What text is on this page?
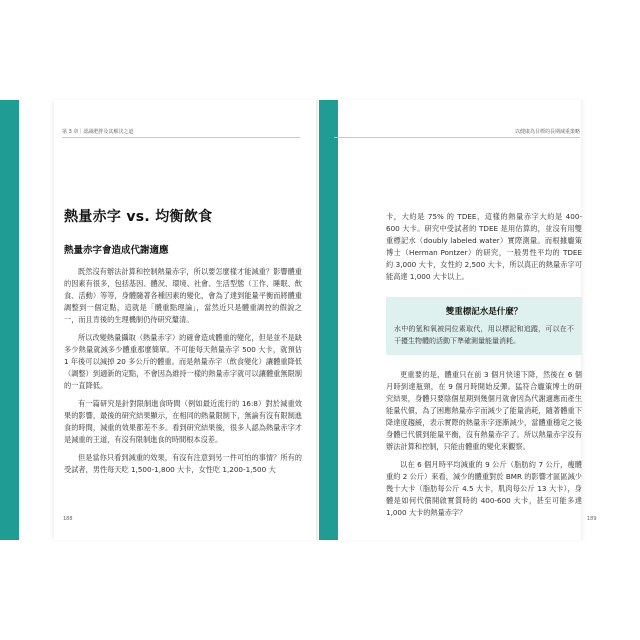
第 3 章｜認識肥胖及其解決之道	以健康為目標的長期減重策略
熱量赤字 vs. 均衡飲食
熱量赤字會造成代謝適應

既然沒有辦法計算和控制熱量赤字，所以要怎麼樣才能減重？影響體重的因素有很多，包括基因、體況、環境、社會、生活型態（工作、睡眠、飲食、活動）等等，身體隨著各種因素的變化，會為了達到能量平衡而將體重調整到一個定點，這就是「體重點理論」，當然近只是體重調控的假說之一，而且肯後的生理機制仍待研究釐清。

所以改變熱量攝取（熱量赤字）的確會造成體重的變化，但是並不是缺多少熱量就減多少體重那麼簡單。不可能每天熱量赤字 500 大卡，就預估 1 年後可以減掉 20 多公斤的體重。而是熱量赤字（飲食變化）讓體重降低（調整）到適新的定點，不會因為維持一樣的熱量赤字就可以讓體重無限制的一直降低。

有一篇研究是針對限制進食時間（例如最近流行的 16:8）對於減重效果的影響，最後的研究結果顯示，在相同的熱量限制下，無論有沒有限制進食的時間，減重的效果都差不多。看到研究結果後，很多人認為熱量赤字才是減重的王道，有沒有限制進食的時間根本沒差。

但是當你只看到減重的效果，有沒有注意到另一件可怕的事情？所有的受試者，男性每天吃 1,500-1,800 大卡，女性吃 1,200-1,500 大

卡，大約是 75% 的 TDEE，這樣的熱量赤字大約是 400-600 大卡。研究中受試者的 TDEE 是用估算的，並沒有用雙重標記水（doubly labeled water）實際測量。而根據龐策博士（Herman Pontzer）的研究，一般男性平均的 TDEE 約 3,000 大卡，女性約 2,500 大卡，所以真正的熱量赤字可能高達 1,000 大卡以上。

雙重標記水是什麼？
水中的氫和氧被同位素取代，用以標記和追蹤，可以在不干擾生物體的活動下準確測量能量消耗。

更重要的是，體重只在前 3 個月快速下降，然後在 6 個月時到達瓶頸，在 9 個月時開始反彈。猛符合龐策博士的研究結果，身體只要陰個星期到幾個月就會因為代謝適應而產生能量代償，為了困應熱量赤字而減少了能量消耗，隨著體重下降達度趨緩，表示實際的熱量赤字逐漸減少，當體重穩定之後身體已代償到能量平衡，沒有熱量赤字了。所以熱量赤字沒有辦法計算和控制，只能由體重的變化來觀察。

以在 6 個月時平均減重的 9 公斤（脂肪約 7 公斤，瘦體重約 2 公斤）來看，減少的體重對於 BMR 的影響才區區減少幾十大卡（脂肪每公斤 4.5 大卡，肌肉每公斤 13 大卡），身體是如何代償開啟實質時的 400-600 大卡，甚至可能多達 1,000 大卡的熱量赤字？

188	189
